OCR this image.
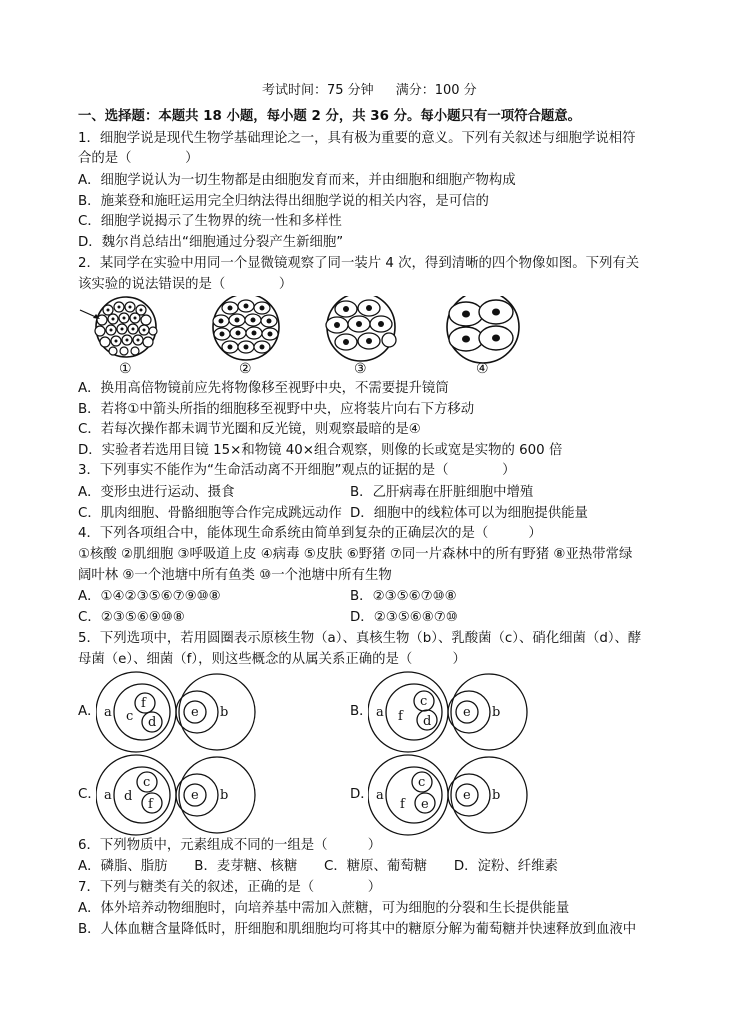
考试时间：75 分钟 满分：100 分
一、选择题：本题共 18 小题，每小题 2 分，共 36 分。每小题只有一项符合题意。
1．细胞学说是现代生物学基础理论之一，具有极为重要的意义。下列有关叙述与细胞学说相符
合的是（　　　　）
A．细胞学说认为一切生物都是由细胞发育而来，并由细胞和细胞产物构成
B．施莱登和施旺运用完全归纳法得出细胞学说的相关内容，是可信的
C．细胞学说揭示了生物界的统一性和多样性
D．魏尔肖总结出“细胞通过分裂产生新细胞”
2．某同学在实验中用同一个显微镜观察了同一装片 4 次，得到清晰的四个物像如图。下列有关
该实验的说法错误的是（　　　　）
①	②	③	④
A．换用高倍物镜前应先将物像移至视野中央，不需要提升镜筒
B．若将①中箭头所指的细胞移至视野中央，应将装片向右下方移动
C．若每次操作都未调节光圈和反光镜，则观察最暗的是④
D．实验者若选用目镜 15×和物镜 40×组合观察，则像的长或宽是实物的 600 倍
3．下列事实不能作为“生命活动离不开细胞”观点的证据的是（　　　　）
A．变形虫进行运动、摄食	B．乙肝病毒在肝脏细胞中增殖
C．肌肉细胞、骨骼细胞等合作完成跳远动作 D．细胞中的线粒体可以为细胞提供能量
4．下列各项组合中，能体现生命系统由简单到复杂的正确层次的是（　　　）
①核酸 ②肌细胞 ③呼吸道上皮 ④病毒 ⑤皮肤 ⑥野猪 ⑦同一片森林中的所有野猪 ⑧亚热带常绿
阔叶林 ⑨一个池塘中所有鱼类 ⑩一个池塘中所有生物
A．①④②③⑤⑥⑦⑨⑩⑧	B．②③⑤⑥⑦⑩⑧
C．②③⑤⑥⑨⑩⑧	D．②③⑤⑥⑧⑦⑩
5．下列选项中，若用圆圈表示原核生物（a）、真核生物（b）、乳酸菌（c）、硝化细菌（d）、酵
母菌（e）、细菌（f），则这些概念的从属关系正确的是（　　　）
A． a c
f
d
e b	B． a f
c
d
e b
C． a d
c
f
e b	D． a
f
c
e
e b
6．下列物质中，元素组成不同的一组是（　　　）
A．磷脂、脂肪　　B．麦芽糖、核糖　　C．糖原、葡萄糖　　D．淀粉、纤维素
7．下列与糖类有关的叙述，正确的是（　　　　）
A．体外培养动物细胞时，向培养基中需加入蔗糖，可为细胞的分裂和生长提供能量
B．人体血糖含量降低时，肝细胞和肌细胞均可将其中的糖原分解为葡萄糖并快速释放到血液中
